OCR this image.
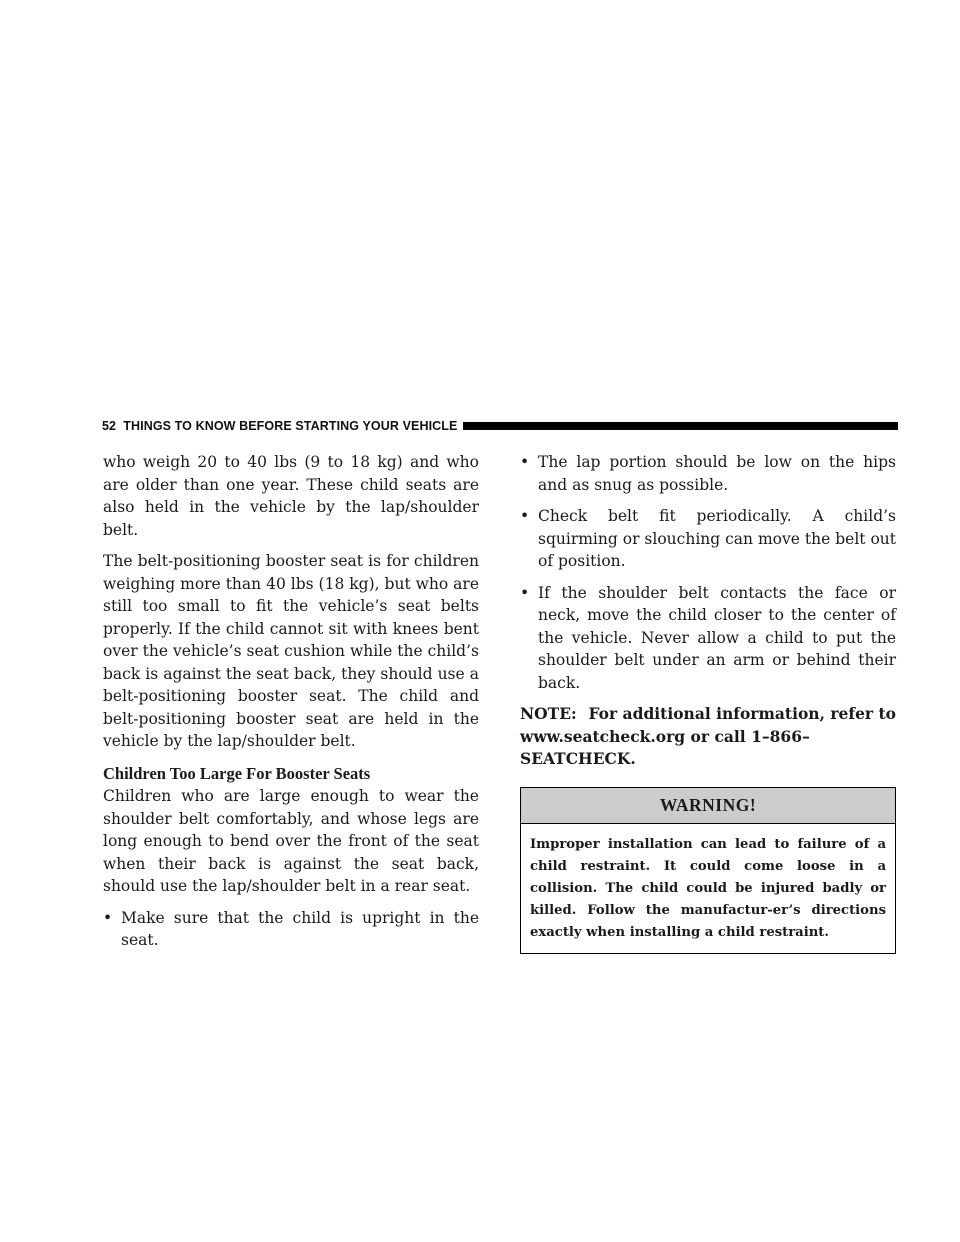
52 THINGS TO KNOW BEFORE STARTING YOUR VEHICLE

who weigh 20 to 40 lbs (9 to 18 kg) and who are older than one year. These child seats are also held in the vehicle by the lap/shoulder belt.

The belt-positioning booster seat is for children weighing more than 40 lbs (18 kg), but who are still too small to fit the vehicle’s seat belts properly. If the child cannot sit with knees bent over the vehicle’s seat cushion while the child’s back is against the seat back, they should use a belt-positioning booster seat. The child and belt-positioning booster seat are held in the vehicle by the lap/shoulder belt.

Children Too Large For Booster Seats

Children who are large enough to wear the shoulder belt comfortably, and whose legs are long enough to bend over the front of the seat when their back is against the seat back, should use the lap/shoulder belt in a rear seat.

• Make sure that the child is upright in the seat.
• The lap portion should be low on the hips and as snug as possible.
• Check belt fit periodically. A child’s squirming or slouching can move the belt out of position.
• If the shoulder belt contacts the face or neck, move the child closer to the center of the vehicle. Never allow a child to put the shoulder belt under an arm or behind their back.
NOTE: For additional information, refer to
www.seatcheck.org or call 1–866–SEATCHECK.
WARNING!
Improper installation can lead to failure of a child restraint. It could come loose in a collision. The child could be injured badly or killed. Follow the manufactur-er’s directions exactly when installing a child restraint.
